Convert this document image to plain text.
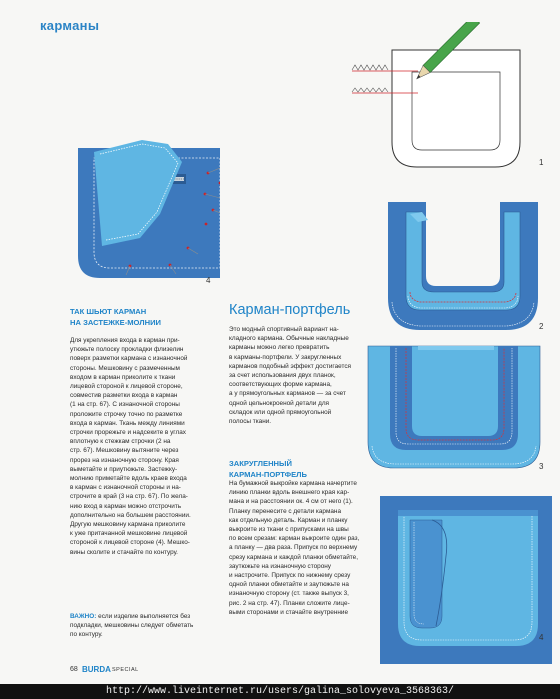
карманы
4
1
2
3
4
ТАК ШЬЮТ КАРМАН
НА ЗАСТЕЖКЕ-МОЛНИИ
Для укрепления входа в карман при-
утюжьте полоску прокладки флизелин
поверх разметки кармана с изнаночной
стороны. Мешковину с размеченным
входом в карман приколите к ткани
лицевой стороной к лицевой стороне,
совместив разметки входа в карман
(1 на стр. 67). С изнаночной стороны
проложите строчку точно по разметке
входа в карман. Ткань между линиями
строчки прорежьте и надсеките в углах
вплотную к стежкам строчки (2 на
стр. 67). Мешковину вытяните через
прорез на изнаночную сторону. Края
выметайте и приутюжьте. Застежку-
молнию приметайте вдоль краев входа
в карман с изнаночной стороны и на-
строчите в край (3 на стр. 67). По жела-
нию вход в карман можно отстрочить
дополнительно на большем расстоянии.
Другую мешковину кармана приколите
к уже притачанной мешковине лицевой
стороной к лицевой стороне (4). Мешко-
вины сколите и стачайте по контуру.
ВАЖНО: если изделие выполняется без
подкладки, мешковины следует обметать
по контуру.
Карман-портфель
Это модный спортивный вариант на-
кладного кармана. Обычные накладные
карманы можно легко превратить
в карманы-портфели. У закругленных
карманов подобный эффект достигается
за счет использования двух планок,
соответствующих форме кармана,
а у прямоугольных карманов — за счет
одной цельнокроеной детали для
складок или одной прямоугольной
полосы ткани.
ЗАКРУГЛЕННЫЙ
КАРМАН-ПОРТФЕЛЬ
На бумажной выкройке кармана начертите
линию планки вдоль внешнего края кар-
мана и на расстоянии ок. 4 см от него (1).
Планку перенесите с детали кармана
как отдельную деталь. Карман и планку
выкроите из ткани с припусками на швы
по всем срезам: карман выкроите один раз,
а планку — два раза. Припуск по верхнему
срезу кармана и каждой планки обметайте,
заутюжьте на изнаночную сторону
и настрочите. Припуск по нижнему срезу
одной планки обметайте и заутюжьте на
изнаночную сторону (ст. также выпуск 3,
рис. 2 на стр. 47). Планки сложите лице-
выми сторонами и стачайте внутренние
68 BURDA SPECIAL
http://www.liveinternet.ru/users/galina_solovyeva_3568363/
